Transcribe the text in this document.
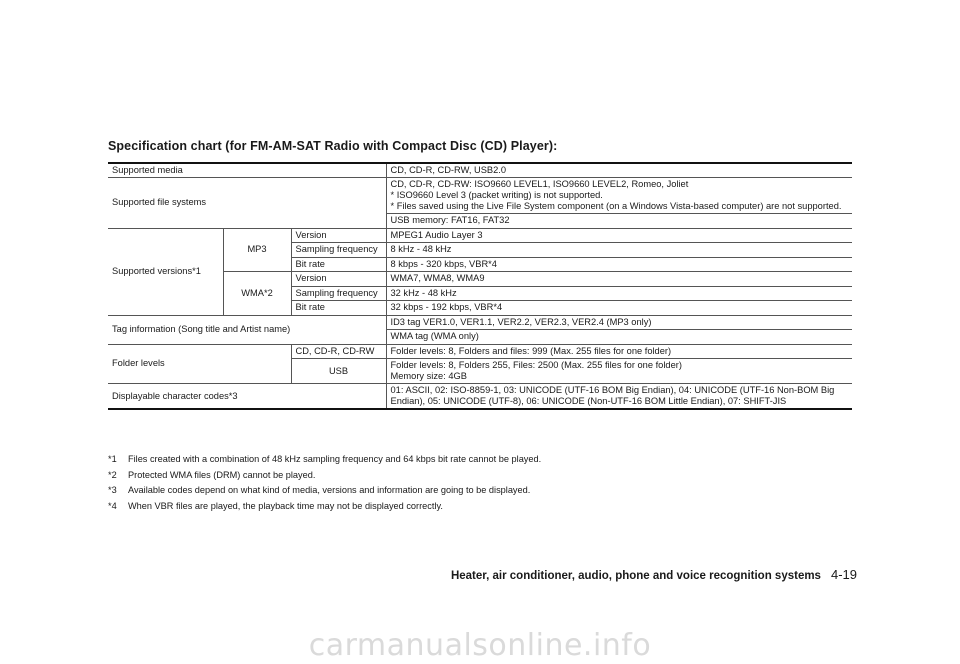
Specification chart (for FM-AM-SAT Radio with Compact Disc (CD) Player):
Supported media			CD, CD-R, CD-RW, USB2.0
Supported file systems			CD, CD-R, CD-RW: ISO9660 LEVEL1, ISO9660 LEVEL2, Romeo, Joliet
* ISO9660 Level 3 (packet writing) is not supported.
* Files saved using the Live File System component (on a Windows Vista-based computer) are not supported.

			USB memory: FAT16, FAT32
Supported versions*1	MP3	Version	MPEG1 Audio Layer 3
		Sampling frequency	8 kHz - 48 kHz
		Bit rate	8 kbps - 320 kbps, VBR*4
	WMA*2	Version	WMA7, WMA8, WMA9
		Sampling frequency	32 kHz - 48 kHz
		Bit rate	32 kbps - 192 kbps, VBR*4
Tag information (Song title and Artist name)			ID3 tag VER1.0, VER1.1, VER2.2, VER2.3, VER2.4 (MP3 only)
			WMA tag (WMA only)
Folder levels		CD, CD-R, CD-RW	Folder levels: 8, Folders and files: 999 (Max. 255 files for one folder)
		USB	Folder levels: 8, Folders 255, Files: 2500 (Max. 255 files for one folder)
Memory size: 4GB

Displayable character codes*3			01: ASCII, 02: ISO-8859-1, 03: UNICODE (UTF-16 BOM Big Endian), 04: UNICODE (UTF-16 Non-BOM Big Endian), 05: UNICODE (UTF-8), 06: UNICODE (Non-UTF-16 BOM Little Endian), 07: SHIFT-JIS
*1	Files created with a combination of 48 kHz sampling frequency and 64 kbps bit rate cannot be played.
*2	Protected WMA files (DRM) cannot be played.
*3	Available codes depend on what kind of media, versions and information are going to be displayed.
*4	When VBR files are played, the playback time may not be displayed correctly.
Heater, air conditioner, audio, phone and voice recognition systems 4-19
carmanualsonline.info
